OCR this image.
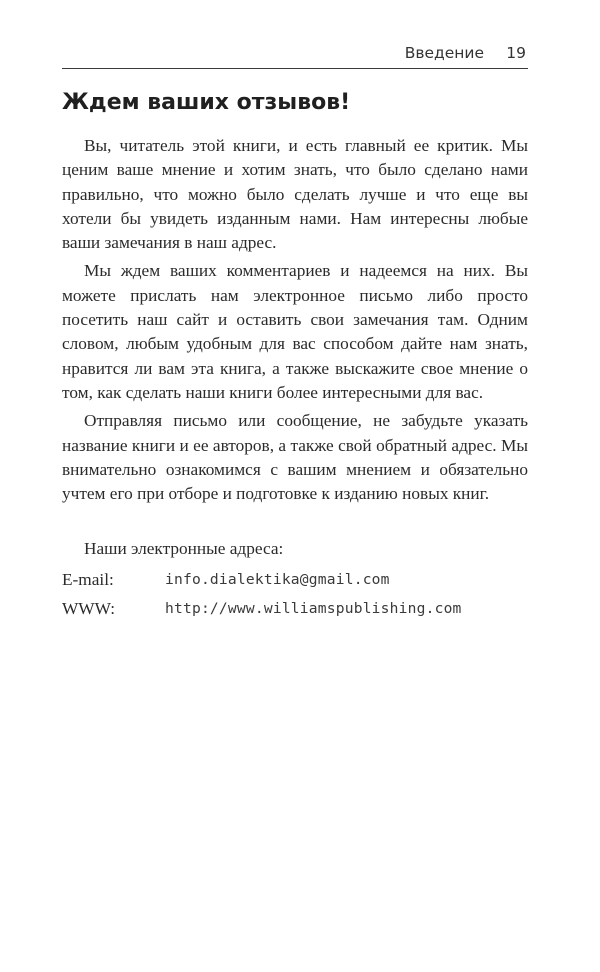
Введение 19
Ждем ваших отзывов!

Вы, читатель этой книги, и есть главный ее критик. Мы ценим ваше мнение и хотим знать, что было сделано нами правильно, что можно было сделать лучше и что еще вы хотели бы увидеть изданным нами. Нам интересны любые ваши замечания в наш адрес.

Мы ждем ваших комментариев и надеемся на них. Вы можете прислать нам электронное письмо либо просто посетить наш сайт и оставить свои замечания там. Одним словом, любым удобным для вас способом дайте нам знать, нравится ли вам эта книга, а также выскажите свое мнение о том, как сделать наши книги более интересными для вас.

Отправляя письмо или сообщение, не забудьте указать название книги и ее авторов, а также свой обратный адрес. Мы внимательно ознакомимся с вашим мнением и обязательно учтем его при отборе и подготовке к изданию новых книг.

Наши электронные адреса:

E-mail:	info.dialektika@gmail.com
WWW:	http://www.williamspublishing.com
